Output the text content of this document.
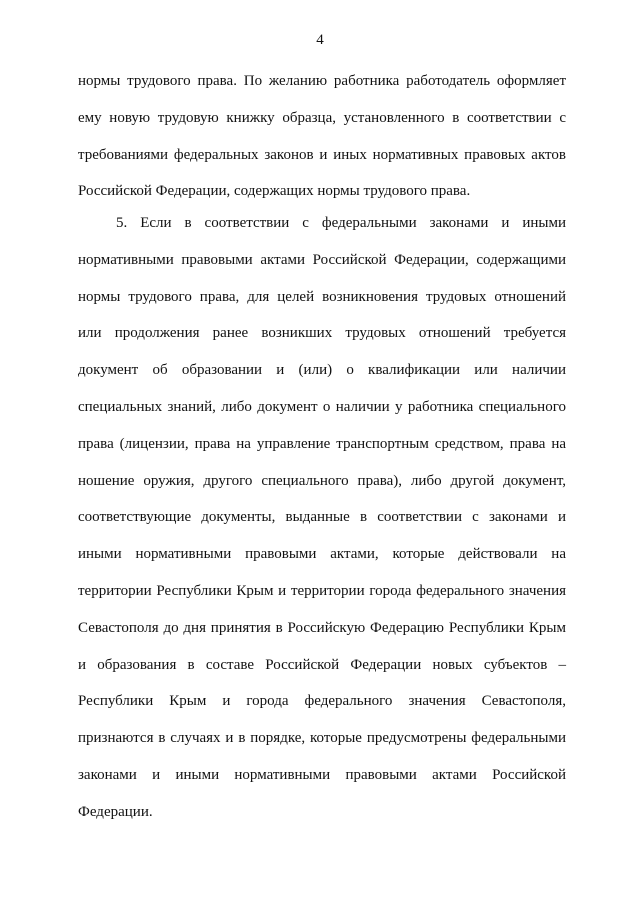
4
нормы трудового права. По желанию работника работодатель оформляет
ему новую трудовую книжку образца, установленного в соответствии с
требованиями федеральных законов и иных нормативных правовых актов
Российской Федерации, содержащих нормы трудового права.
5. Если в соответствии с федеральными законами и иными
нормативными правовыми актами Российской Федерации, содержащими
нормы трудового права, для целей возникновения трудовых отношений
или продолжения ранее возникших трудовых отношений требуется
документ об образовании и (или) о квалификации или наличии
специальных знаний, либо документ о наличии у работника специального
права (лицензии, права на управление транспортным средством, права на
ношение оружия, другого специального права), либо другой документ,
соответствующие документы, выданные в соответствии с законами и
иными нормативными правовыми актами, которые действовали на
территории Республики Крым и территории города федерального значения
Севастополя до дня принятия в Российскую Федерацию Республики Крым
и образования в составе Российской Федерации новых субъектов –
Республики Крым и города федерального значения Севастополя,
признаются в случаях и в порядке, которые предусмотрены федеральными
законами и иными нормативными правовыми актами Российской
Федерации.
